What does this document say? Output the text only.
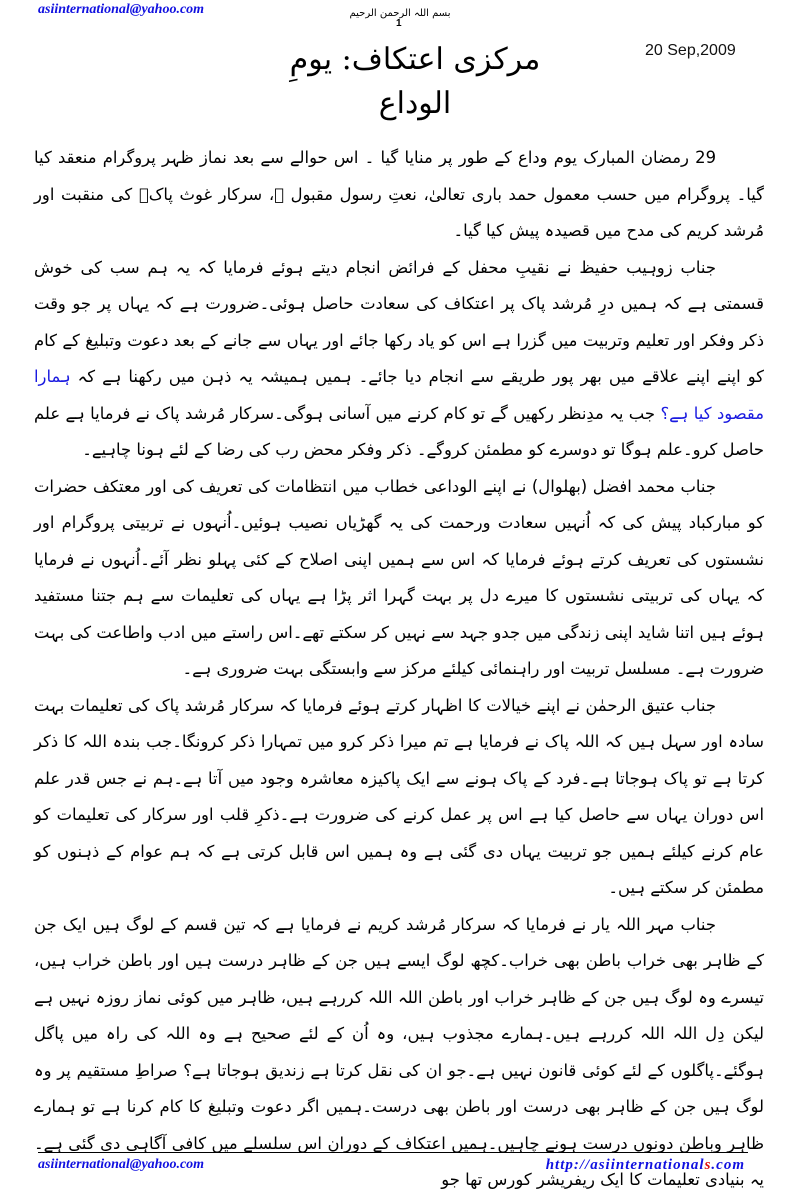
asiinternational@yahoo.com	بسم اللہ الرحمن الرحیم
1
20 Sep,2009
مرکزی اعتکاف: یومِ الوداع

29 رمضان المبارک یوم وداع کے طور پر منایا گیا ۔ اس حوالے سے بعد نماز ظہر پروگرام منعقد کیا گیا۔ پروگرام میں حسب معمول حمد باری تعالیٰ، نعتِ رسول مقبول ﷺ، سرکار غوث پاکؓ کی منقبت اور مُرشد کریم کی مدح میں قصیدہ پیش کیا گیا۔

جناب زوہیب حفیظ نے نقیبِ محفل کے فرائض انجام دیتے ہوئے فرمایا کہ یہ ہم سب کی خوش قسمتی ہے کہ ہمیں درِ مُرشد پاک پر اعتکاف کی سعادت حاصل ہوئی۔ضرورت ہے کہ یہاں پر جو وقت ذکر وفکر اور تعلیم وتربیت میں گزرا ہے اس کو یاد رکھا جائے اور یہاں سے جانے کے بعد دعوت وتبلیغ کے کام کو اپنے اپنے علاقے میں بھر پور طریقے سے انجام دیا جائے۔ ہمیں ہمیشہ یہ ذہن میں رکھنا ہے کہ ہمارا مقصود کیا ہے؟ جب یہ مدِنظر رکھیں گے تو کام کرنے میں آسانی ہوگی۔سرکار مُرشد پاک نے فرمایا ہے علم حاصل کرو۔علم ہوگا تو دوسرے کو مطمئن کروگے۔ ذکر وفکر محض رب کی رضا کے لئے ہونا چاہیے۔

جناب محمد افضل (بھلوال) نے اپنے الوداعی خطاب میں انتظامات کی تعریف کی اور معتکف حضرات کو مبارکباد پیش کی کہ اُنہیں سعادت ورحمت کی یہ گھڑیاں نصیب ہوئیں۔اُنہوں نے تربیتی پروگرام اور نشستوں کی تعریف کرتے ہوئے فرمایا کہ اس سے ہمیں اپنی اصلاح کے کئی پہلو نظر آئے۔اُنہوں نے فرمایا کہ یہاں کی تربیتی نشستوں کا میرے دل پر بہت گہرا اثر پڑا ہے یہاں کی تعلیمات سے ہم جتنا مستفید ہوئے ہیں اتنا شاید اپنی زندگی میں جدو جہد سے نہیں کر سکتے تھے۔اس راستے میں ادب واطاعت کی بہت ضرورت ہے۔ مسلسل تربیت اور راہنمائی کیلئے مرکز سے وابستگی بہت ضروری ہے۔

جناب عتیق الرحمٰن نے اپنے خیالات کا اظہار کرتے ہوئے فرمایا کہ سرکار مُرشد پاک کی تعلیمات بہت سادہ اور سہل ہیں کہ اللہ پاک نے فرمایا ہے تم میرا ذکر کرو میں تمہارا ذکر کرونگا۔جب بندہ اللہ کا ذکر کرتا ہے تو پاک ہوجاتا ہے۔فرد کے پاک ہونے سے ایک پاکیزہ معاشرہ وجود میں آتا ہے۔ہم نے جس قدر علم اس دوران یہاں سے حاصل کیا ہے اس پر عمل کرنے کی ضرورت ہے۔ذکرِ قلب اور سرکار کی تعلیمات کو عام کرنے کیلئے ہمیں جو تربیت یہاں دی گئی ہے وہ ہمیں اس قابل کرتی ہے کہ ہم عوام کے ذہنوں کو مطمئن کر سکتے ہیں۔

جناب مہر اللہ یار نے فرمایا کہ سرکار مُرشد کریم نے فرمایا ہے کہ تین قسم کے لوگ ہیں ایک جن کے ظاہر بھی خراب باطن بھی خراب۔کچھ لوگ ایسے ہیں جن کے ظاہر درست ہیں اور باطن خراب ہیں، تیسرے وہ لوگ ہیں جن کے ظاہر خراب اور باطن اللہ اللہ کررہے ہیں، ظاہر میں کوئی نماز روزہ نہیں ہے لیکن دِل اللہ اللہ کررہے ہیں۔ہمارے مجذوب ہیں، وہ اُن کے لئے صحیح ہے وہ اللہ کی راہ میں پاگل ہوگئے۔پاگلوں کے لئے کوئی قانون نہیں ہے۔جو ان کی نقل کرتا ہے زندیق ہوجاتا ہے؟ صراطِ مستقیم پر وہ لوگ ہیں جن کے ظاہر بھی درست اور باطن بھی درست۔ہمیں اگر دعوت وتبلیغ کا کام کرنا ہے تو ہمارے ظاہر وباطن دونوں درست ہونے چاہیں۔ہمیں اعتکاف کے دوران اس سلسلے میں کافی آگاہی دی گئی ہے۔یہ بنیادی تعلیمات کا ایک ریفریشر کورس تھا جو

asiinternational@yahoo.com	http://asiinternationals.com
